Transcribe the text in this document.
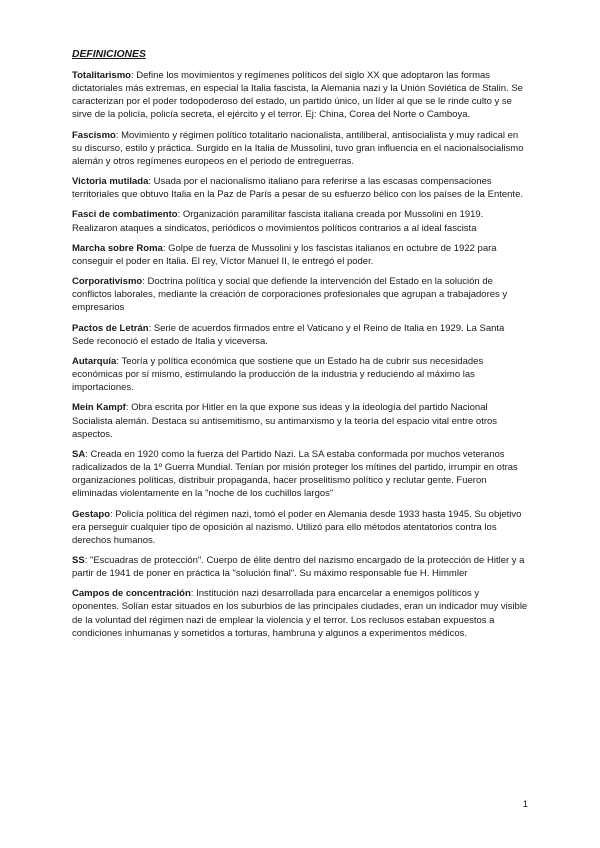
DEFINICIONES
Totalitarismo: Define los movimientos y regímenes políticos del siglo XX que adoptaron las formas dictatoriales más extremas, en especial la Italia fascista, la Alemania nazi y la Unión Soviética de Stalin. Se caracterizan por el poder todopoderoso del estado, un partido único, un líder al que se le rinde culto y se sirve de la policía, policía secreta, el ejército y el terror. Ej: China, Corea del Norte o Camboya.
Fascismo: Movimiento y régimen político totalitario nacionalista, antiliberal, antisocialista y muy radical en su discurso, estilo y práctica. Surgido en la Italia de Mussolini, tuvo gran influencia en el nacionalsocialismo alemán y otros regímenes europeos en el periodo de entreguerras.
Victoria mutilada: Usada por el nacionalismo italiano para referirse a las escasas compensaciones territoriales que obtuvo Italia en la Paz de París a pesar de su esfuerzo bélico con los países de la Entente.
Fasci de combatimento: Organización paramilitar fascista italiana creada por Mussolini en 1919. Realizaron ataques a sindicatos, periódicos o movimientos políticos contrarios a al ideal fascista
Marcha sobre Roma: Golpe de fuerza de Mussolini y los fascistas italianos en octubre de 1922 para conseguir el poder en Italia. El rey, Víctor Manuel II, le entregó el poder.
Corporativismo: Doctrina política y social que defiende la intervención del Estado en la solución de conflictos laborales, mediante la creación de corporaciones profesionales que agrupan a trabajadores y empresarios
Pactos de Letrán: Serie de acuerdos firmados entre el Vaticano y el Reino de Italia en 1929. La Santa Sede reconoció el estado de Italia y viceversa.
Autarquía: Teoría y política económica que sostiene que un Estado ha de cubrir sus necesidades económicas por sí mismo, estimulando la producción de la industria y reduciendo al máximo las importaciones.
Mein Kampf: Obra escrita por Hitler en la que expone sus ideas y la ideología del partido Nacional Socialista alemán. Destaca su antisemitismo, su antimarxismo y la teoría del espacio vital entre otros aspectos.
SA: Creada en 1920 como la fuerza del Partido Nazi. La SA estaba conformada por muchos veteranos radicalizados de la 1º Guerra Mundial. Tenían por misión proteger los mítines del partido, irrumpir en otras organizaciones políticas, distribuir propaganda, hacer proselitismo político y reclutar gente. Fueron eliminadas violentamente en la "noche de los cuchillos largos"
Gestapo: Policía política del régimen nazi, tomó el poder en Alemania desde 1933 hasta 1945. Su objetivo era perseguir cualquier tipo de oposición al nazismo. Utilizó para ello métodos atentatorios contra los derechos humanos.
SS: "Escuadras de protección". Cuerpo de élite dentro del nazismo encargado de la protección de Hitler y a partir de 1941 de poner en práctica la "solución final". Su máximo responsable fue H. Himmler
Campos de concentración: Institución nazi desarrollada para encarcelar a enemigos políticos y oponentes. Solían estar situados en los suburbios de las principales ciudades, eran un indicador muy visible de la voluntad del régimen nazi de emplear la violencia y el terror. Los reclusos estaban expuestos a condiciones inhumanas y sometidos a torturas, hambruna y algunos a experimentos médicos.
1
